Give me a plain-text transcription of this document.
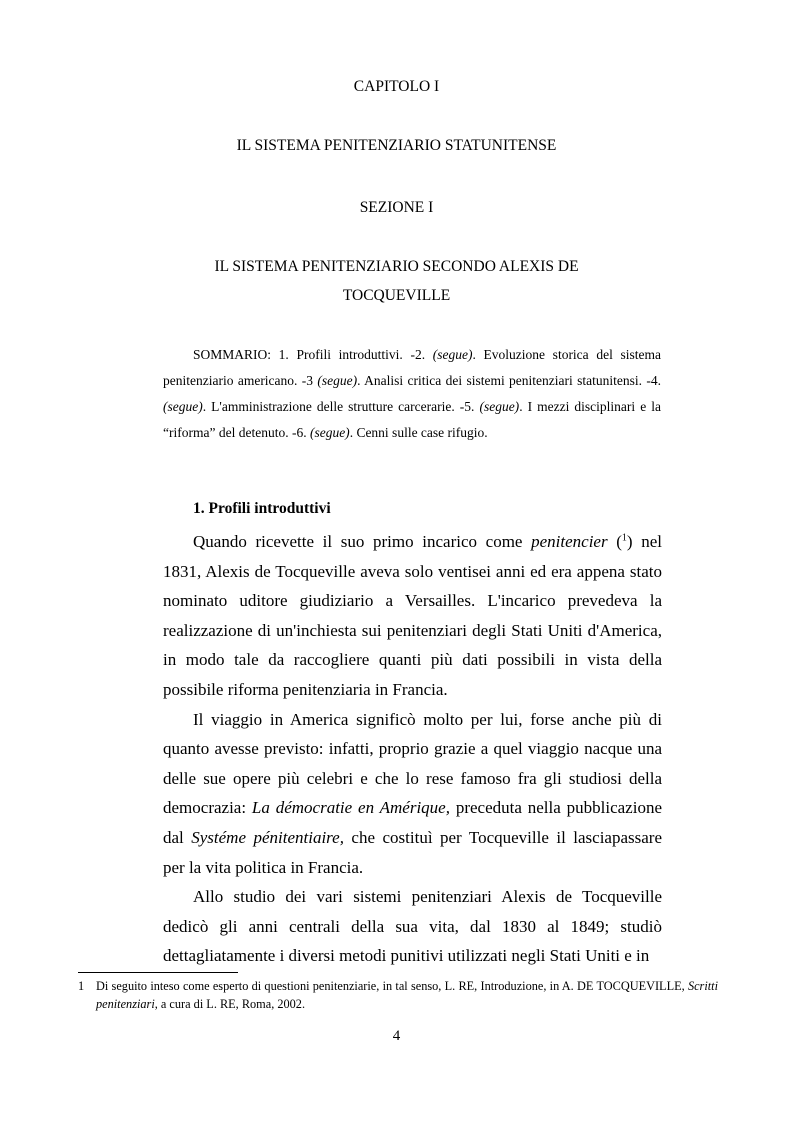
CAPITOLO I
IL SISTEMA PENITENZIARIO STATUNITENSE
SEZIONE I
IL SISTEMA PENITENZIARIO SECONDO ALEXIS DE
TOCQUEVILLE

SOMMARIO: 1. Profili introduttivi. -2. (segue). Evoluzione storica del sistema penitenziario americano. -3 (segue). Analisi critica dei sistemi penitenziari statunitensi. -4. (segue). L'amministrazione delle strutture carcerarie. -5. (segue). I mezzi disciplinari e la “riforma” del detenuto. -6. (segue). Cenni sulle case rifugio.

1. Profili introduttivi

Quando ricevette il suo primo incarico come penitencier ($^1$) nel 1831, Alexis de Tocqueville aveva solo ventisei anni ed era appena stato nominato uditore giudiziario a Versailles. L'incarico prevedeva la realizzazione di un'inchiesta sui penitenziari degli Stati Uniti d'America, in modo tale da raccogliere quanti più dati possibili in vista della possibile riforma penitenziaria in Francia.

Il viaggio in America significò molto per lui, forse anche più di quanto avesse previsto: infatti, proprio grazie a quel viaggio nacque una delle sue opere più celebri e che lo rese famoso fra gli studiosi della democrazia: La démocratie en Amérique, preceduta nella pubblicazione dal Systéme pénitentiaire, che costituì per Tocqueville il lasciapassare per la vita politica in Francia.

Allo studio dei vari sistemi penitenziari Alexis de Tocqueville dedicò gli anni centrali della sua vita, dal 1830 al 1849; studiò dettagliatamente i diversi metodi punitivi utilizzati negli Stati Uniti e in

1 Di seguito inteso come esperto di questioni penitenziarie, in tal senso, L. RE, Introduzione, in A. DE TOCQUEVILLE, Scritti penitenziari, a cura di L. RE, Roma, 2002.
4
